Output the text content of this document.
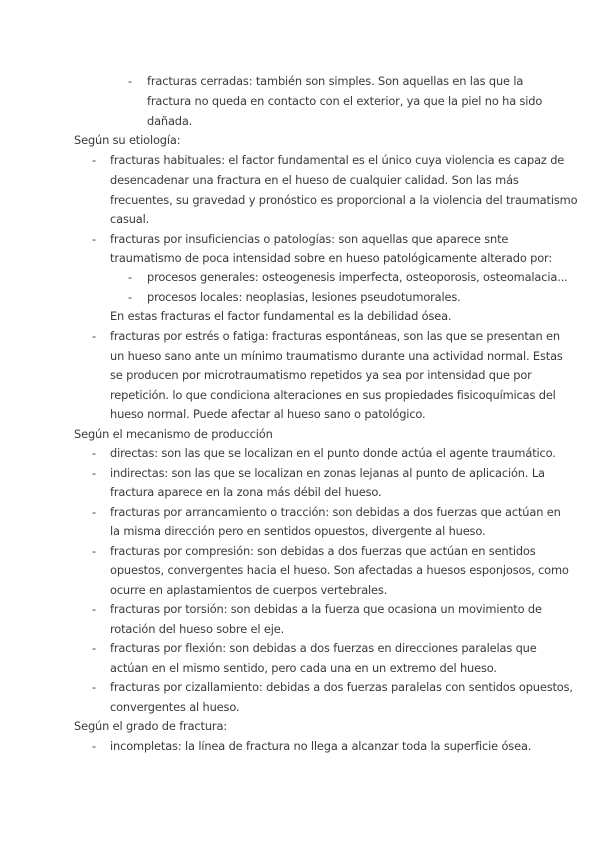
- fracturas cerradas: también son simples. Son aquellas en las que la
fractura no queda en contacto con el exterior, ya que la piel no ha sido
dañada.
Según su etiología:
- fracturas habituales: el factor fundamental es el único cuya violencia es capaz de
desencadenar una fractura en el hueso de cualquier calidad. Son las más
frecuentes, su gravedad y pronóstico es proporcional a la violencia del traumatismo
casual.
- fracturas por insuficiencias o patologías: son aquellas que aparece snte
traumatismo de poca intensidad sobre en hueso patológicamente alterado por:
- procesos generales: osteogenesis imperfecta, osteoporosis, osteomalacia...
- procesos locales: neoplasias, lesiones pseudotumorales.
En estas fracturas el factor fundamental es la debilidad ósea.
- fracturas por estrés o fatiga: fracturas espontáneas, son las que se presentan en
un hueso sano ante un mínimo traumatismo durante una actividad normal. Estas
se producen por microtraumatismo repetidos ya sea por intensidad que por
repetición. lo que condiciona alteraciones en sus propiedades fisicoquímicas del
hueso normal. Puede afectar al hueso sano o patológico.
Según el mecanismo de producción
- directas: son las que se localizan en el punto donde actúa el agente traumático.
- indirectas: son las que se localizan en zonas lejanas al punto de aplicación. La
fractura aparece en la zona más débil del hueso.
- fracturas por arrancamiento o tracción: son debidas a dos fuerzas que actúan en
la misma dirección pero en sentidos opuestos, divergente al hueso.
- fracturas por compresión: son debidas a dos fuerzas que actúan en sentidos
opuestos, convergentes hacia el hueso. Son afectadas a huesos esponjosos, como
ocurre en aplastamientos de cuerpos vertebrales.
- fracturas por torsión: son debidas a la fuerza que ocasiona un movimiento de
rotación del hueso sobre el eje.
- fracturas por flexión: son debidas a dos fuerzas en direcciones paralelas que
actúan en el mismo sentido, pero cada una en un extremo del hueso.
- fracturas por cizallamiento: debidas a dos fuerzas paralelas con sentidos opuestos,
convergentes al hueso.
Según el grado de fractura:
- incompletas: la línea de fractura no llega a alcanzar toda la superficie ósea.
